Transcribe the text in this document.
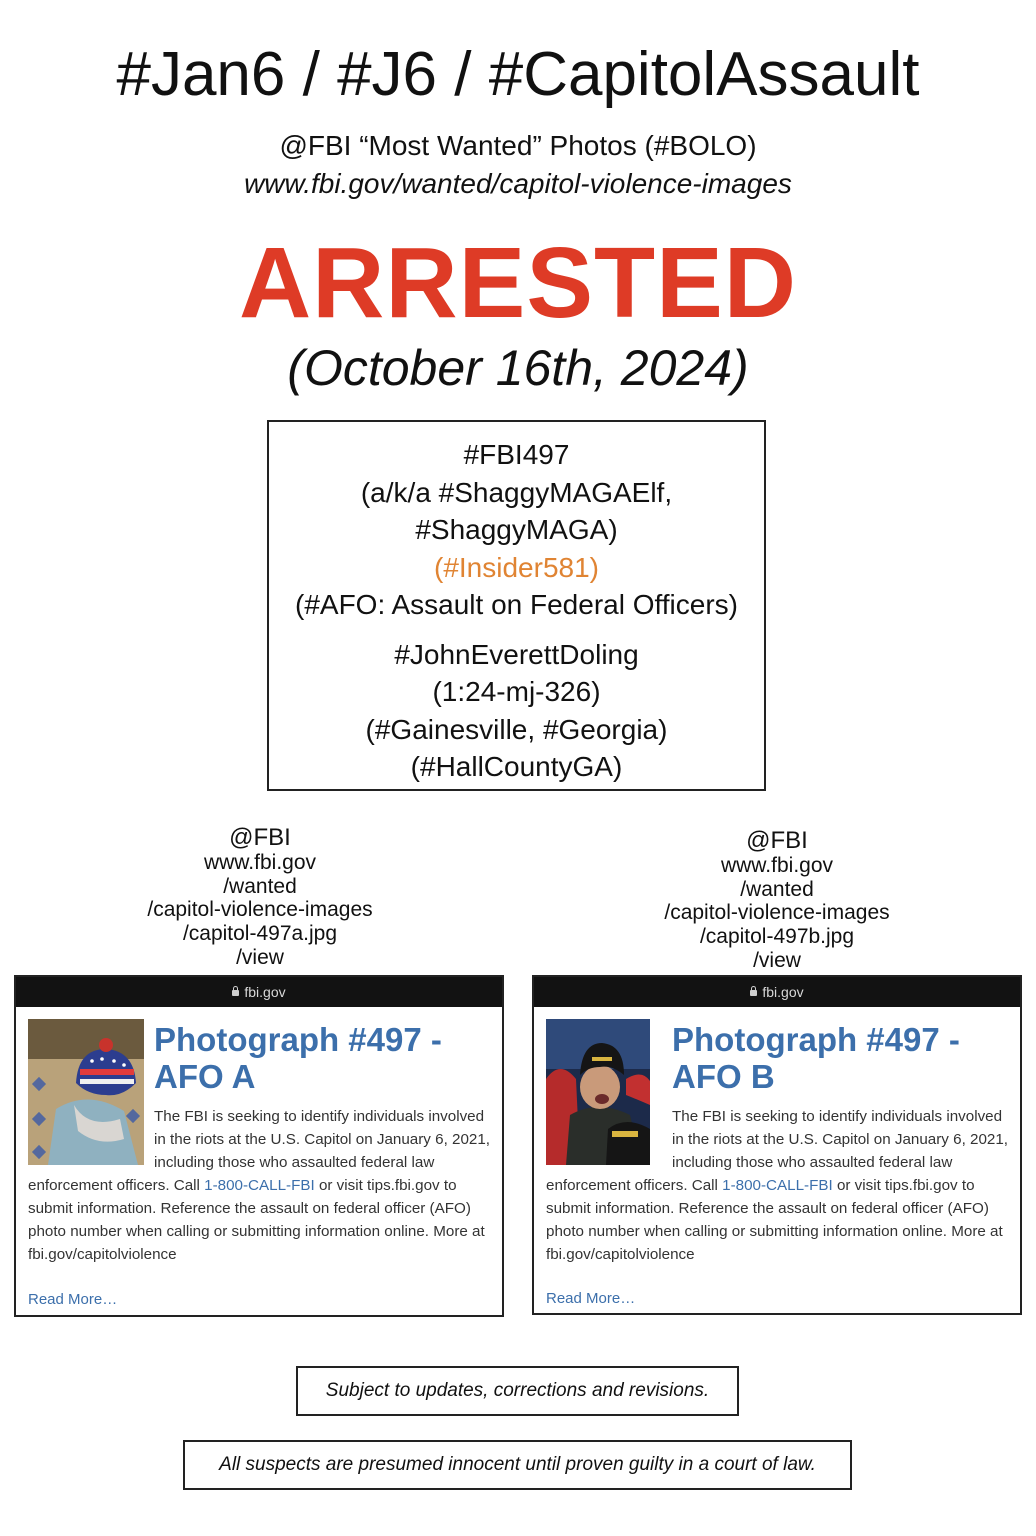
#Jan6 / #J6 / #CapitolAssault
@FBI “Most Wanted” Photos (#BOLO)
www.fbi.gov/wanted/capitol-violence-images
ARRESTED
(October 16th, 2024)
#FBI497
(a/k/a #ShaggyMAGAElf,
#ShaggyMAGA)
(#Insider581)
(#AFO: Assault on Federal Officers)
#JohnEverettDoling
(1:24-mj-326)
(#Gainesville, #Georgia)
(#HallCountyGA)
@FBI
www.fbi.gov
/wanted
/capitol-violence-images
/capitol-497a.jpg
/view
@FBI
www.fbi.gov
/wanted
/capitol-violence-images
/capitol-497b.jpg
/view
fbi.gov
Photograph #497 -
AFO A

The FBI is seeking to identify individuals involved in the riots at the U.S. Capitol on January 6, 2021, including those who assaulted federal law enforcement officers. Call 1-800-CALL-FBI or visit tips.fbi.gov to submit information. Reference the assault on federal officer (AFO) photo number when calling or submitting information online. More at fbi.gov/capitolviolence

Read More…
fbi.gov
Photograph #497 -
AFO B

The FBI is seeking to identify individuals involved in the riots at the U.S. Capitol on January 6, 2021, including those who assaulted federal law enforcement officers. Call 1-800-CALL-FBI or visit tips.fbi.gov to submit information. Reference the assault on federal officer (AFO) photo number when calling or submitting information online. More at fbi.gov/capitolviolence

Read More…
Subject to updates, corrections and revisions.
All suspects are presumed innocent until proven guilty in a court of law.
